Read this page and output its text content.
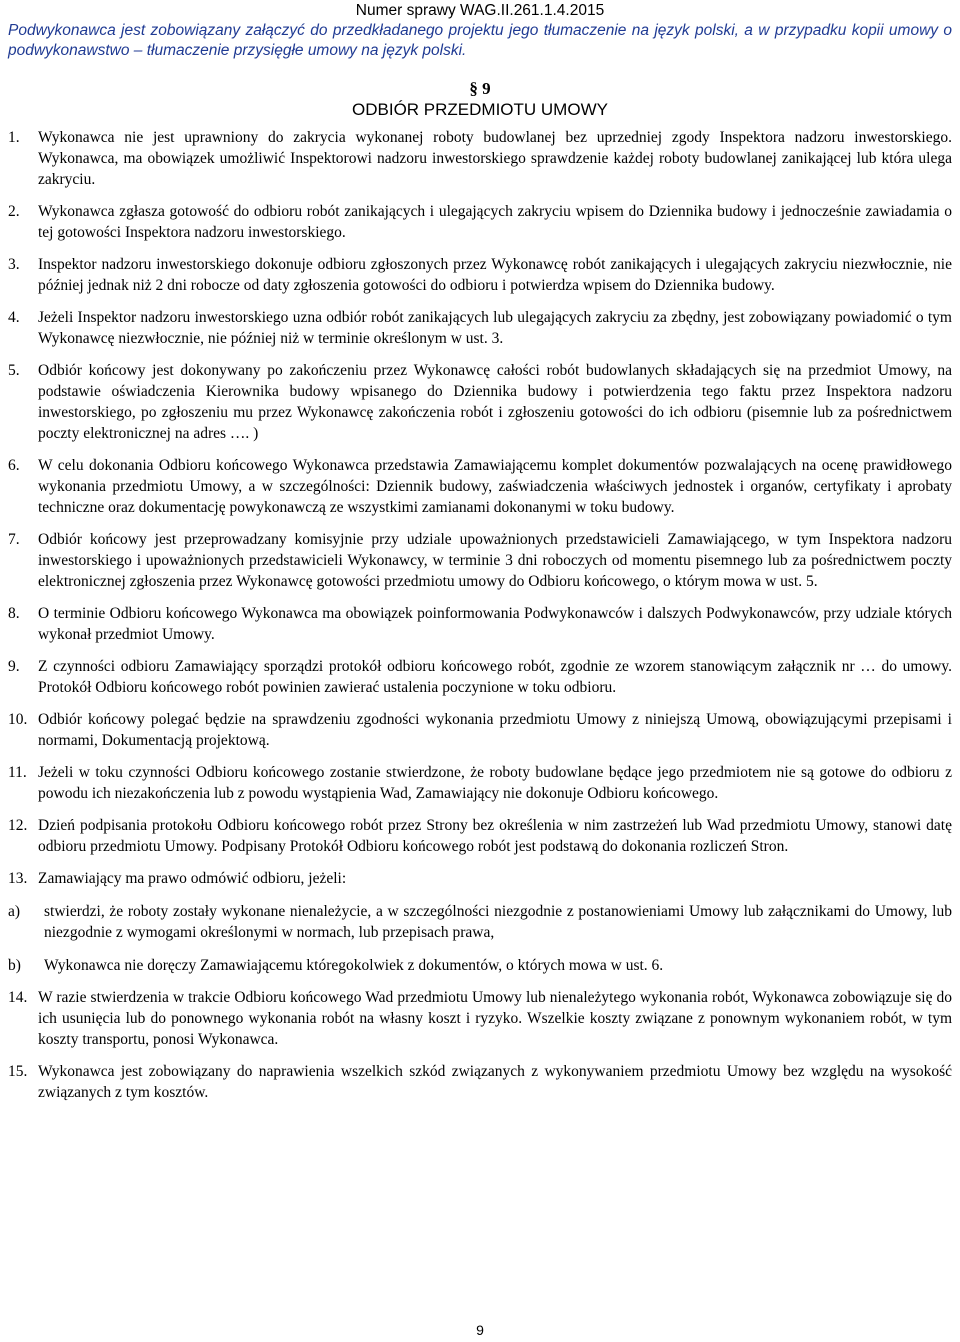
Numer sprawy WAG.II.261.1.4.2015

Podwykonawca jest zobowiązany załączyć do przedkładanego projektu jego tłumaczenie na język polski, a w przypadku kopii umowy o podwykonawstwo – tłumaczenie przysięgłe umowy na język polski.

§ 9
ODBIÓR PRZEDMIOTU UMOWY
1.	Wykonawca nie jest uprawniony do zakrycia wykonanej roboty budowlanej bez uprzedniej zgody Inspektora nadzoru inwestorskiego. Wykonawca, ma obowiązek umożliwić Inspektorowi nadzoru inwestorskiego sprawdzenie każdej roboty budowlanej zanikającej lub która ulega zakryciu.
2.	Wykonawca zgłasza gotowość do odbioru robót zanikających i ulegających zakryciu wpisem do Dziennika budowy i jednocześnie zawiadamia o tej gotowości Inspektora nadzoru inwestorskiego.
3.	Inspektor nadzoru inwestorskiego dokonuje odbioru zgłoszonych przez Wykonawcę robót zanikających i ulegających zakryciu niezwłocznie, nie później jednak niż 2 dni robocze od daty zgłoszenia gotowości do odbioru i potwierdza wpisem do Dziennika budowy.
4.	Jeżeli Inspektor nadzoru inwestorskiego uzna odbiór robót zanikających lub ulegających zakryciu za zbędny, jest zobowiązany powiadomić o tym Wykonawcę niezwłocznie, nie później niż w terminie określonym w ust. 3.
5.	Odbiór końcowy jest dokonywany po zakończeniu przez Wykonawcę całości robót budowlanych składających się na przedmiot Umowy, na podstawie oświadczenia Kierownika budowy wpisanego do Dziennika budowy i potwierdzenia tego faktu przez Inspektora nadzoru inwestorskiego, po zgłoszeniu mu przez Wykonawcę zakończenia robót i zgłoszeniu gotowości do ich odbioru (pisemnie lub za pośrednictwem poczty elektronicznej na adres …. )
6.	W celu dokonania Odbioru końcowego Wykonawca przedstawia Zamawiającemu komplet dokumentów pozwalających na ocenę prawidłowego wykonania przedmiotu Umowy, a w szczególności: Dziennik budowy, zaświadczenia właściwych jednostek i organów, certyfikaty i aprobaty techniczne oraz dokumentację powykonawczą ze wszystkimi zamianami dokonanymi w toku budowy.
7.	Odbiór końcowy jest przeprowadzany komisyjnie przy udziale upoważnionych przedstawicieli Zamawiającego, w tym Inspektora nadzoru inwestorskiego i upoważnionych przedstawicieli Wykonawcy, w terminie 3 dni roboczych od momentu pisemnego lub za pośrednictwem poczty elektronicznej zgłoszenia przez Wykonawcę gotowości przedmiotu umowy do Odbioru końcowego, o którym mowa w ust. 5.
8.	O terminie Odbioru końcowego Wykonawca ma obowiązek poinformowania Podwykonawców i dalszych Podwykonawców, przy udziale których wykonał przedmiot Umowy.
9.	Z czynności odbioru Zamawiający sporządzi protokół odbioru końcowego robót, zgodnie ze wzorem stanowiącym załącznik nr … do umowy. Protokół Odbioru końcowego robót powinien zawierać ustalenia poczynione w toku odbioru.
10. Odbiór końcowy polegać będzie na sprawdzeniu zgodności wykonania przedmiotu Umowy z niniejszą Umową, obowiązującymi przepisami i normami, Dokumentacją projektową.
11. Jeżeli w toku czynności Odbioru końcowego zostanie stwierdzone, że roboty budowlane będące jego przedmiotem nie są gotowe do odbioru z powodu ich niezakończenia lub z powodu wystąpienia Wad, Zamawiający nie dokonuje Odbioru końcowego.
12. Dzień podpisania protokołu Odbioru końcowego robót przez Strony bez określenia w nim zastrzeżeń lub Wad przedmiotu Umowy, stanowi datę odbioru przedmiotu Umowy. Podpisany Protokół Odbioru końcowego robót jest podstawą do dokonania rozliczeń Stron.
13. Zamawiający ma prawo odmówić odbioru, jeżeli:
a)	stwierdzi, że roboty zostały wykonane nienależycie, a w szczególności niezgodnie z postanowieniami Umowy lub załącznikami do Umowy, lub niezgodnie z wymogami określonymi w normach, lub przepisach prawa,
b)	Wykonawca nie doręczy Zamawiającemu któregokolwiek z dokumentów, o których mowa w ust. 6.
14. W razie stwierdzenia w trakcie Odbioru końcowego Wad przedmiotu Umowy lub nienależytego wykonania robót, Wykonawca zobowiązuje się do ich usunięcia lub do ponownego wykonania robót na własny koszt i ryzyko. Wszelkie koszty związane z ponownym wykonaniem robót, w tym koszty transportu, ponosi Wykonawca.
15. Wykonawca jest zobowiązany do naprawienia wszelkich szkód związanych z wykonywaniem przedmiotu Umowy bez względu na wysokość związanych z tym kosztów.
9
